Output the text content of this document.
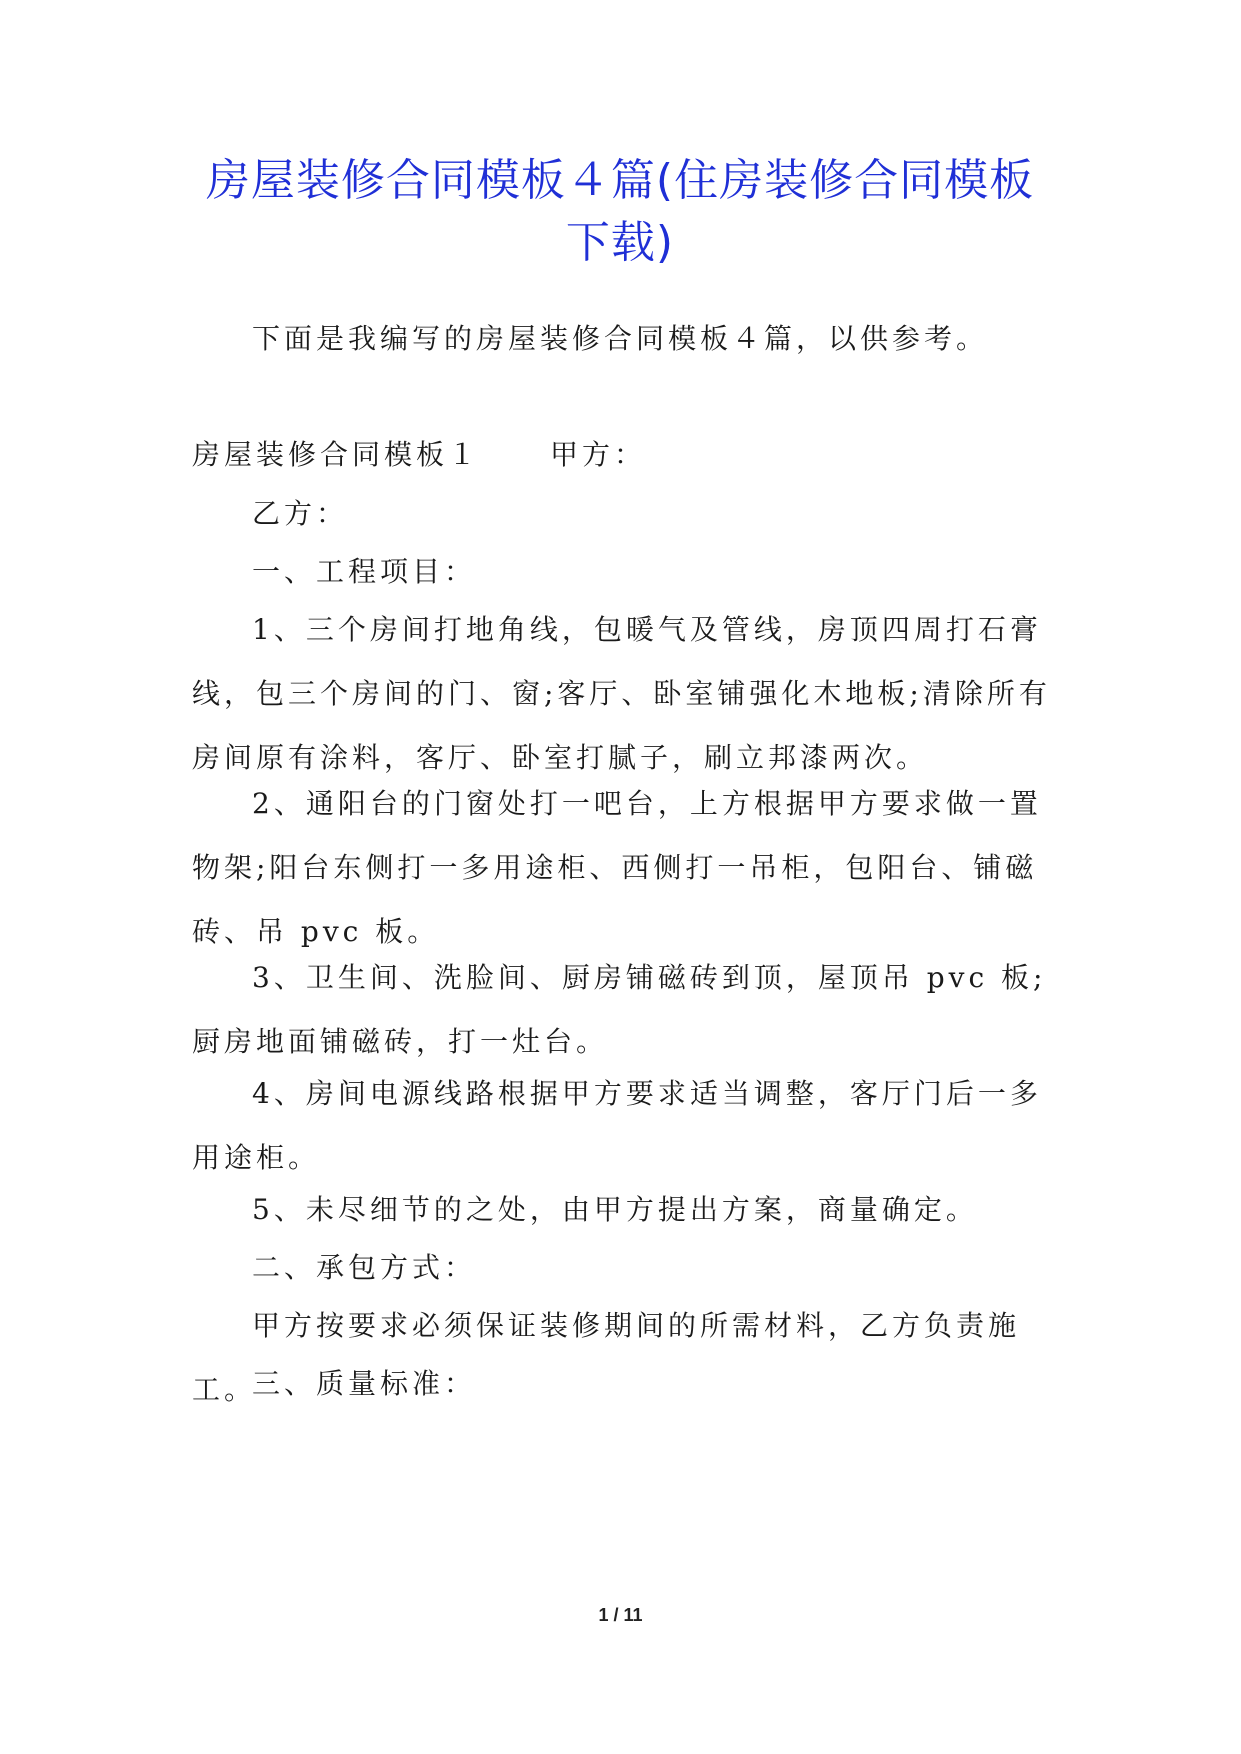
房屋装修合同模板４篇(住房装修合同模板下载)

下面是我编写的房屋装修合同模板４篇，以供参考。

房屋装修合同模板１	甲方：

乙方：

一、工程项目：

1、三个房间打地角线，包暖气及管线，房顶四周打石膏线，包三个房间的门、窗;客厅、卧室铺强化木地板;清除所有房间原有涂料，客厅、卧室打腻子，刷立邦漆两次。

2、通阳台的门窗处打一吧台，上方根据甲方要求做一置物架;阳台东侧打一多用途柜、西侧打一吊柜，包阳台、铺磁砖、吊 pvc 板。

3、卫生间、洗脸间、厨房铺磁砖到顶，屋顶吊 pvc 板;厨房地面铺磁砖，打一灶台。

4、房间电源线路根据甲方要求适当调整，客厅门后一多用途柜。

5、未尽细节的之处，由甲方提出方案，商量确定。

二、承包方式：

甲方按要求必须保证装修期间的所需材料，乙方负责施工。

三、质量标准：

1 / 11
